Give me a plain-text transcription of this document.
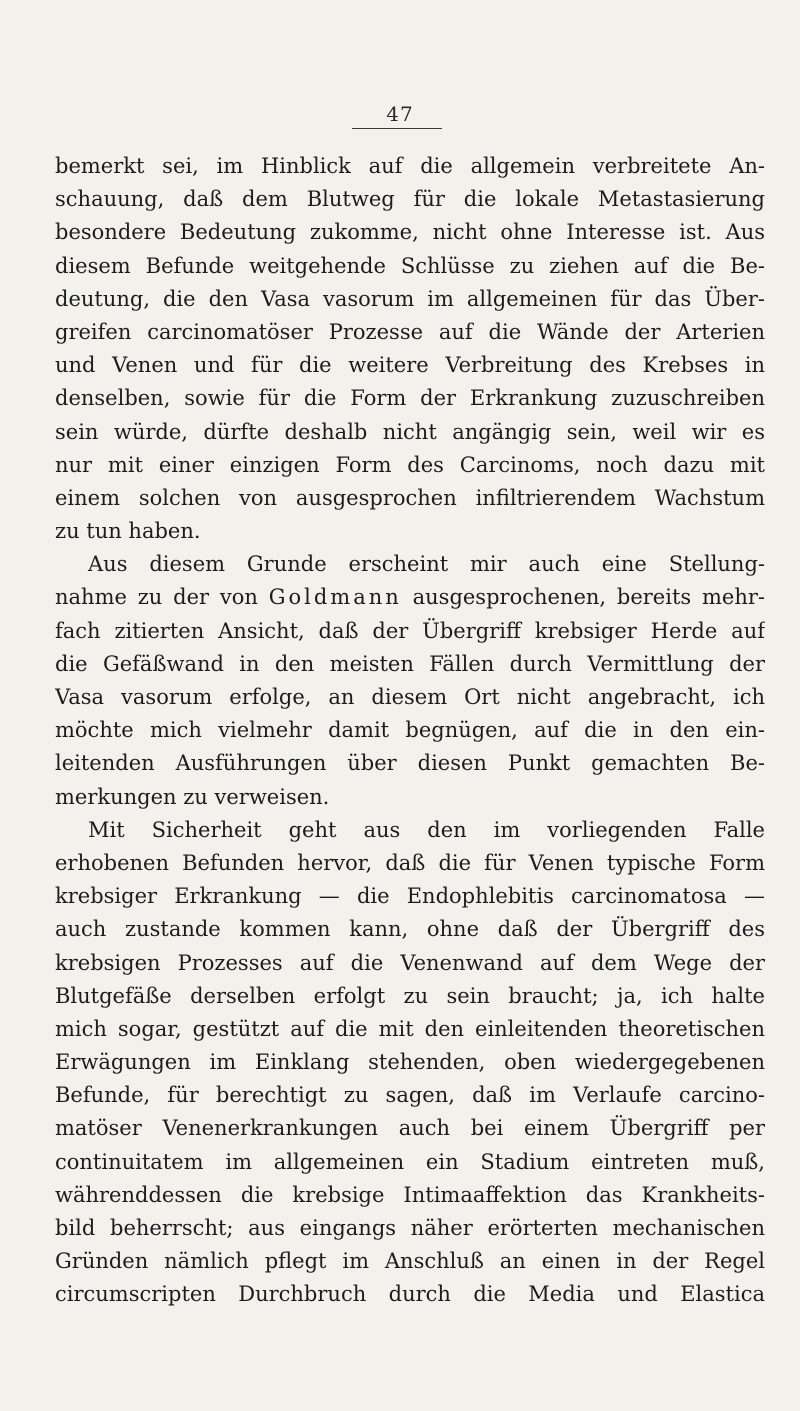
47
bemerkt sei, im Hinblick auf die allgemein verbreitete An-
schauung, daß dem Blutweg für die lokale Metastasierung
besondere Bedeutung zukomme, nicht ohne Interesse ist. Aus
diesem Befunde weitgehende Schlüsse zu ziehen auf die Be-
deutung, die den Vasa vasorum im allgemeinen für das Über-
greifen carcinomatöser Prozesse auf die Wände der Arterien
und Venen und für die weitere Verbreitung des Krebses in
denselben, sowie für die Form der Erkrankung zuzuschreiben
sein würde, dürfte deshalb nicht angängig sein, weil wir es
nur mit einer einzigen Form des Carcinoms, noch dazu mit
einem solchen von ausgesprochen infiltrierendem Wachstum
zu tun haben.
Aus diesem Grunde erscheint mir auch eine Stellung-
nahme zu der von Goldmann ausgesprochenen, bereits mehr-
fach zitierten Ansicht, daß der Übergriff krebsiger Herde auf
die Gefäßwand in den meisten Fällen durch Vermittlung der
Vasa vasorum erfolge, an diesem Ort nicht angebracht, ich
möchte mich vielmehr damit begnügen, auf die in den ein-
leitenden Ausführungen über diesen Punkt gemachten Be-
merkungen zu verweisen.
Mit Sicherheit geht aus den im vorliegenden Falle
erhobenen Befunden hervor, daß die für Venen typische Form
krebsiger Erkrankung — die Endophlebitis carcinomatosa —
auch zustande kommen kann, ohne daß der Übergriff des
krebsigen Prozesses auf die Venenwand auf dem Wege der
Blutgefäße derselben erfolgt zu sein braucht; ja, ich halte
mich sogar, gestützt auf die mit den einleitenden theoretischen
Erwägungen im Einklang stehenden, oben wiedergegebenen
Befunde, für berechtigt zu sagen, daß im Verlaufe carcino-
matöser Venenerkrankungen auch bei einem Übergriff per
continuitatem im allgemeinen ein Stadium eintreten muß,
währenddessen die krebsige Intimaaffektion das Krankheits-
bild beherrscht; aus eingangs näher erörterten mechanischen
Gründen nämlich pflegt im Anschluß an einen in der Regel
circumscripten Durchbruch durch die Media und Elastica
